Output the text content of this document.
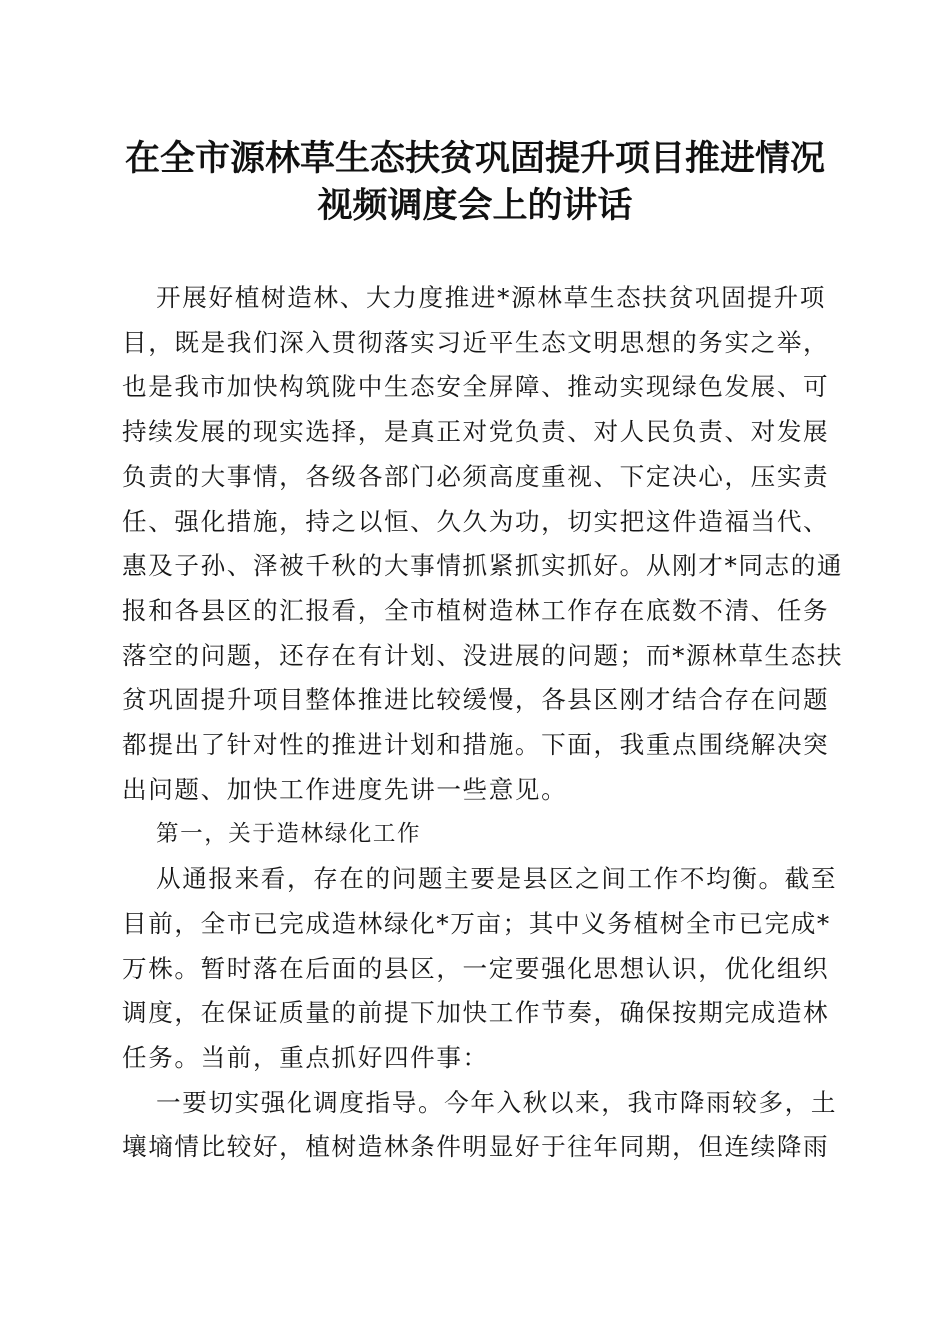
在全市源林草生态扶贫巩固提升项目推进情况
视频调度会上的讲话
开展好植树造林、大力度推进*源林草生态扶贫巩固提升项
目，既是我们深入贯彻落实习近平生态文明思想的务实之举，
也是我市加快构筑陇中生态安全屏障、推动实现绿色发展、可
持续发展的现实选择，是真正对党负责、对人民负责、对发展
负责的大事情，各级各部门必须高度重视、下定决心，压实责
任、强化措施，持之以恒、久久为功，切实把这件造福当代、
惠及子孙、泽被千秋的大事情抓紧抓实抓好。从刚才*同志的通
报和各县区的汇报看，全市植树造林工作存在底数不清、任务
落空的问题，还存在有计划、没进展的问题；而*源林草生态扶
贫巩固提升项目整体推进比较缓慢，各县区刚才结合存在问题
都提出了针对性的推进计划和措施。下面，我重点围绕解决突
出问题、加快工作进度先讲一些意见。
第一，关于造林绿化工作
从通报来看，存在的问题主要是县区之间工作不均衡。截至
目前，全市已完成造林绿化*万亩；其中义务植树全市已完成*
万株。暂时落在后面的县区，一定要强化思想认识，优化组织
调度，在保证质量的前提下加快工作节奏，确保按期完成造林
任务。当前，重点抓好四件事：
一要切实强化调度指导。今年入秋以来，我市降雨较多，土
壤墒情比较好，植树造林条件明显好于往年同期，但连续降雨
